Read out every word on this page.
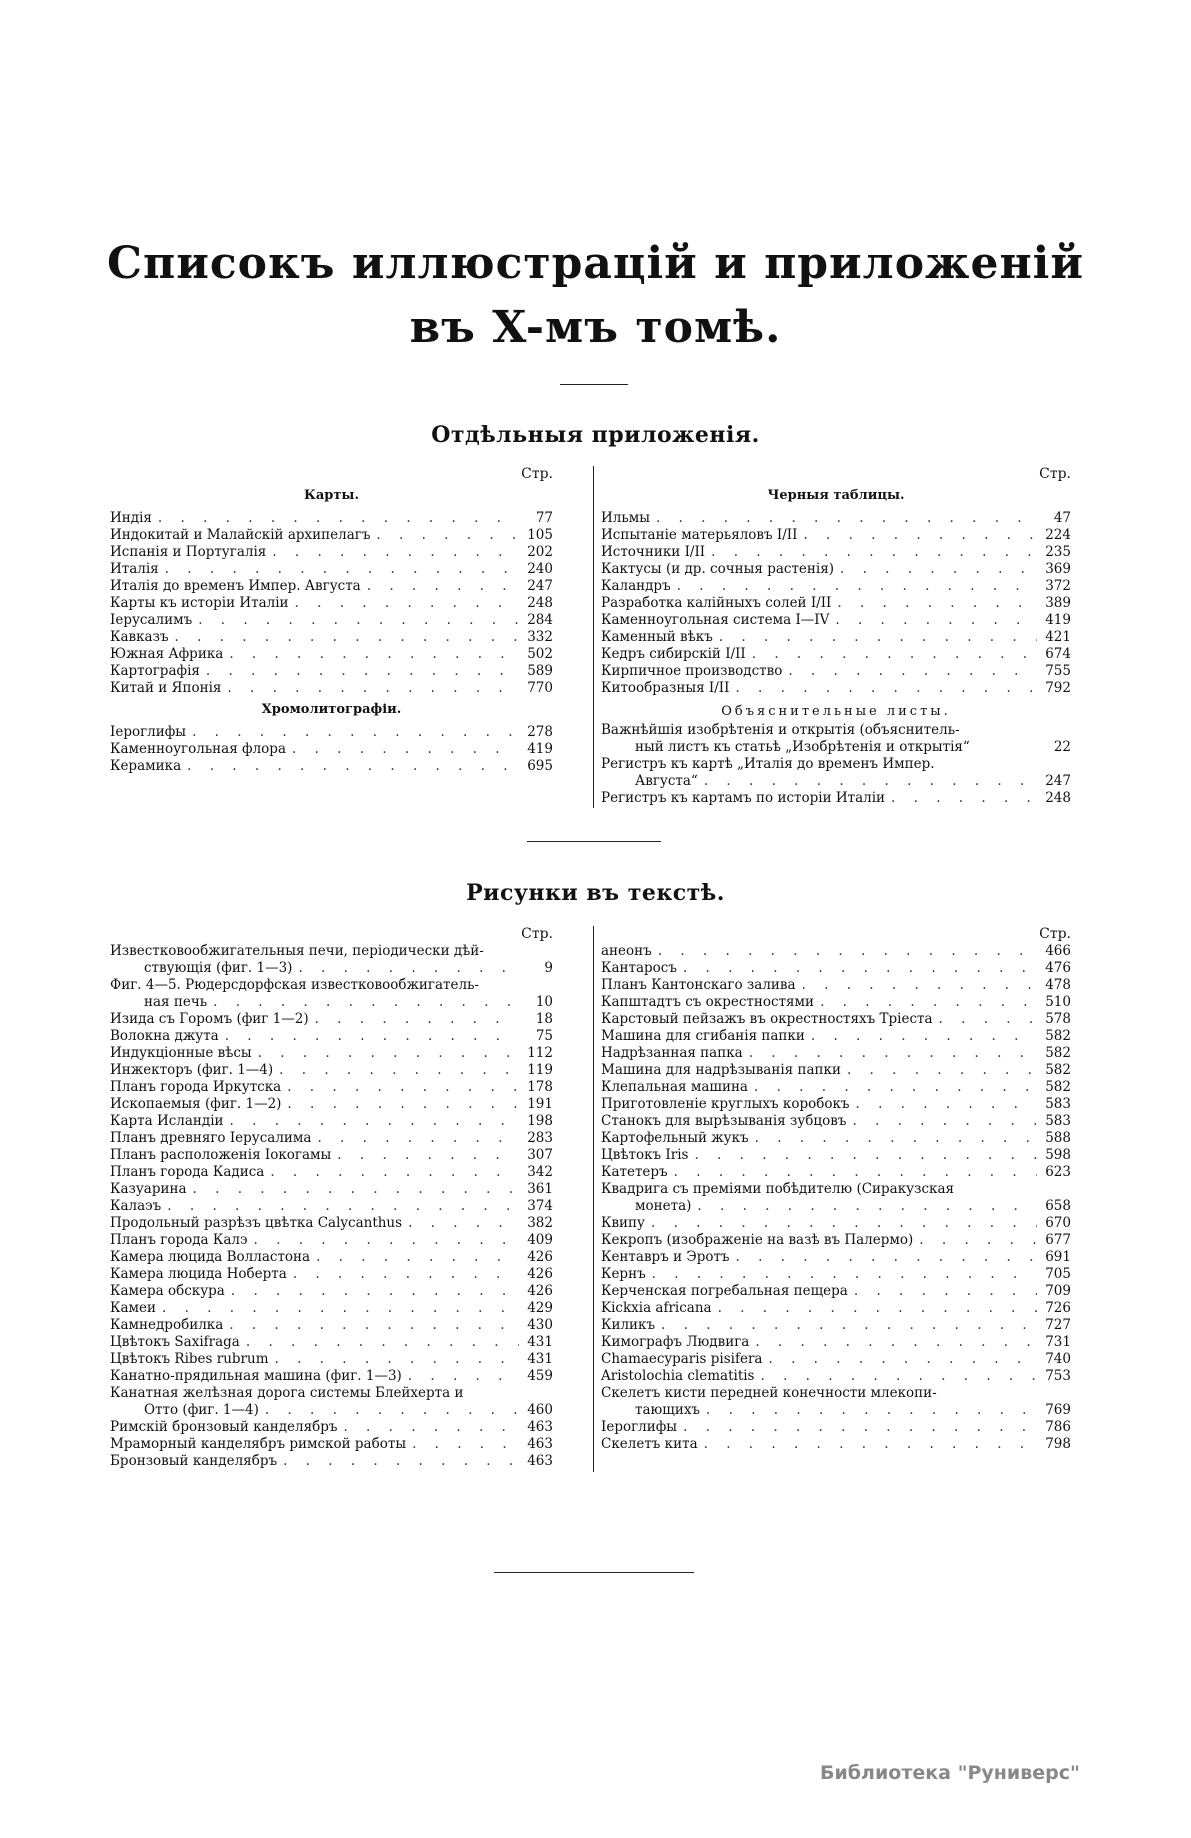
Списокъ иллюстрацій и приложеній
въ X-мъ томѣ.
Отдѣльныя приложенія.
Стр.
Карты.
Индія . . .	77
Индокитай и Малайскій архипелагъ . . .	105
Испанія и Португалія . . .	202
Италія . . .	240
Италія до временъ Импер. Августа . . .	247
Карты къ исторіи Италіи . . .	248
Іерусалимъ . . .	284
Кавказъ . . .	332
Южная Африка . . .	502
Картографія . . .	589
Китай и Японія . . .	770
Хромолитографіи.
Іероглифы . . .	278
Каменноугольная флора . . .	419
Керамика . . .	695
Стр.
Черныя таблицы.
Ильмы . . .	47
Испытаніе матерьяловъ I/II . . .	224
Источники I/II . . .	235
Кактусы (и др. сочныя растенія) . . .	369
Каландръ . . .	372
Разработка калійныхъ солей I/II . . .	389
Каменноугольная система I—IV . . .	419
Каменный вѣкъ . . .	421
Кедръ сибирскій I/II . . .	674
Кирпичное производство . . .	755
Китообразныя I/II . . .	792
Объяснительные листы.
Важнѣйшія изобрѣтенія и открытія (объяснитель-
ный листъ къ статьѣ „Изобрѣтенія и открытія“	22
Регистръ къ картѣ „Италія до временъ Импер.
Августа“ . . .	247
Регистръ къ картамъ по исторіи Италіи . . .	248
Рисунки въ текстѣ.
Стр.
Известковообжигательныя печи, періодически дѣй-
ствующія (фиг. 1—3) . . .	9
Фиг. 4—5. Рюдерсдорфская известковообжигатель-
ная печь . . .	10
Изида съ Горомъ (фиг 1—2) . . .	18
Волокна джута . . .	75
Индукціонные вѣсы . . .	112
Инжекторъ (фиг. 1—4) . . .	119
Планъ города Иркутска . . .	178
Ископаемыя (фиг. 1—2) . . .	191
Карта Исландіи . . .	198
Планъ древняго Іерусалима . . .	283
Планъ расположенія Іокогамы . . .	307
Планъ города Кадиса . . .	342
Казуарина . . .	361
Калаэъ . . .	374
Продольный разрѣзъ цвѣтка Calycanthus . . .	382
Планъ города Калэ . . .	409
Камера люцида Волластона . . .	426
Камера люцида Ноберта . . .	426
Камера обскура . . .	426
Камеи . . .	429
Камнедробилка . . .	430
Цвѣтокъ Saxifraga . . .	431
Цвѣтокъ Ribes rubrum . . .	431
Канатно-прядильная машина (фиг. 1—3) . . .	459
Канатная желѣзная дорога системы Блейхерта и
Отто (фиг. 1—4) . . .	460
Римскій бронзовый канделябръ . . .	463
Мраморный канделябръ римской работы . . .	463
Бронзовый канделябръ . . .	463
Стр.
анеонъ . . .	466
Кантаросъ . . .	476
Планъ Кантонскаго залива . . .	478
Капштадтъ съ окрестностями . . .	510
Карстовый пейзажъ въ окрестностяхъ Тріеста . . .	578
Машина для сгибанія папки . . .	582
Надрѣзанная папка . . .	582
Машина для надрѣзыванія папки . . .	582
Клепальная машина . . .	582
Приготовленіе круглыхъ коробокъ . . .	583
Станокъ для вырѣзыванія зубцовъ . . .	583
Картофельный жукъ . . .	588
Цвѣтокъ Iris . . .	598
Катетеръ . . .	623
Квадрига съ преміями побѣдителю (Сиракузская
монета) . . .	658
Квипу . . .	670
Кекропъ (изображеніе на вазѣ въ Палермо) . . .	677
Кентавръ и Эротъ . . .	691
Кернъ . . .	705
Керченская погребальная пещера . . .	709
Kickxia africana . . .	726
Киликъ . . .	727
Кимографъ Людвига . . .	731
Chamaecyparis pisifera . . .	740
Aristolochia clematitis . . .	753
Скелетъ кисти передней конечности млекопи-
тающихъ . . .	769
Іероглифы . . .	786
Скелетъ кита . . .	798
Библиотека "Руниверс"
